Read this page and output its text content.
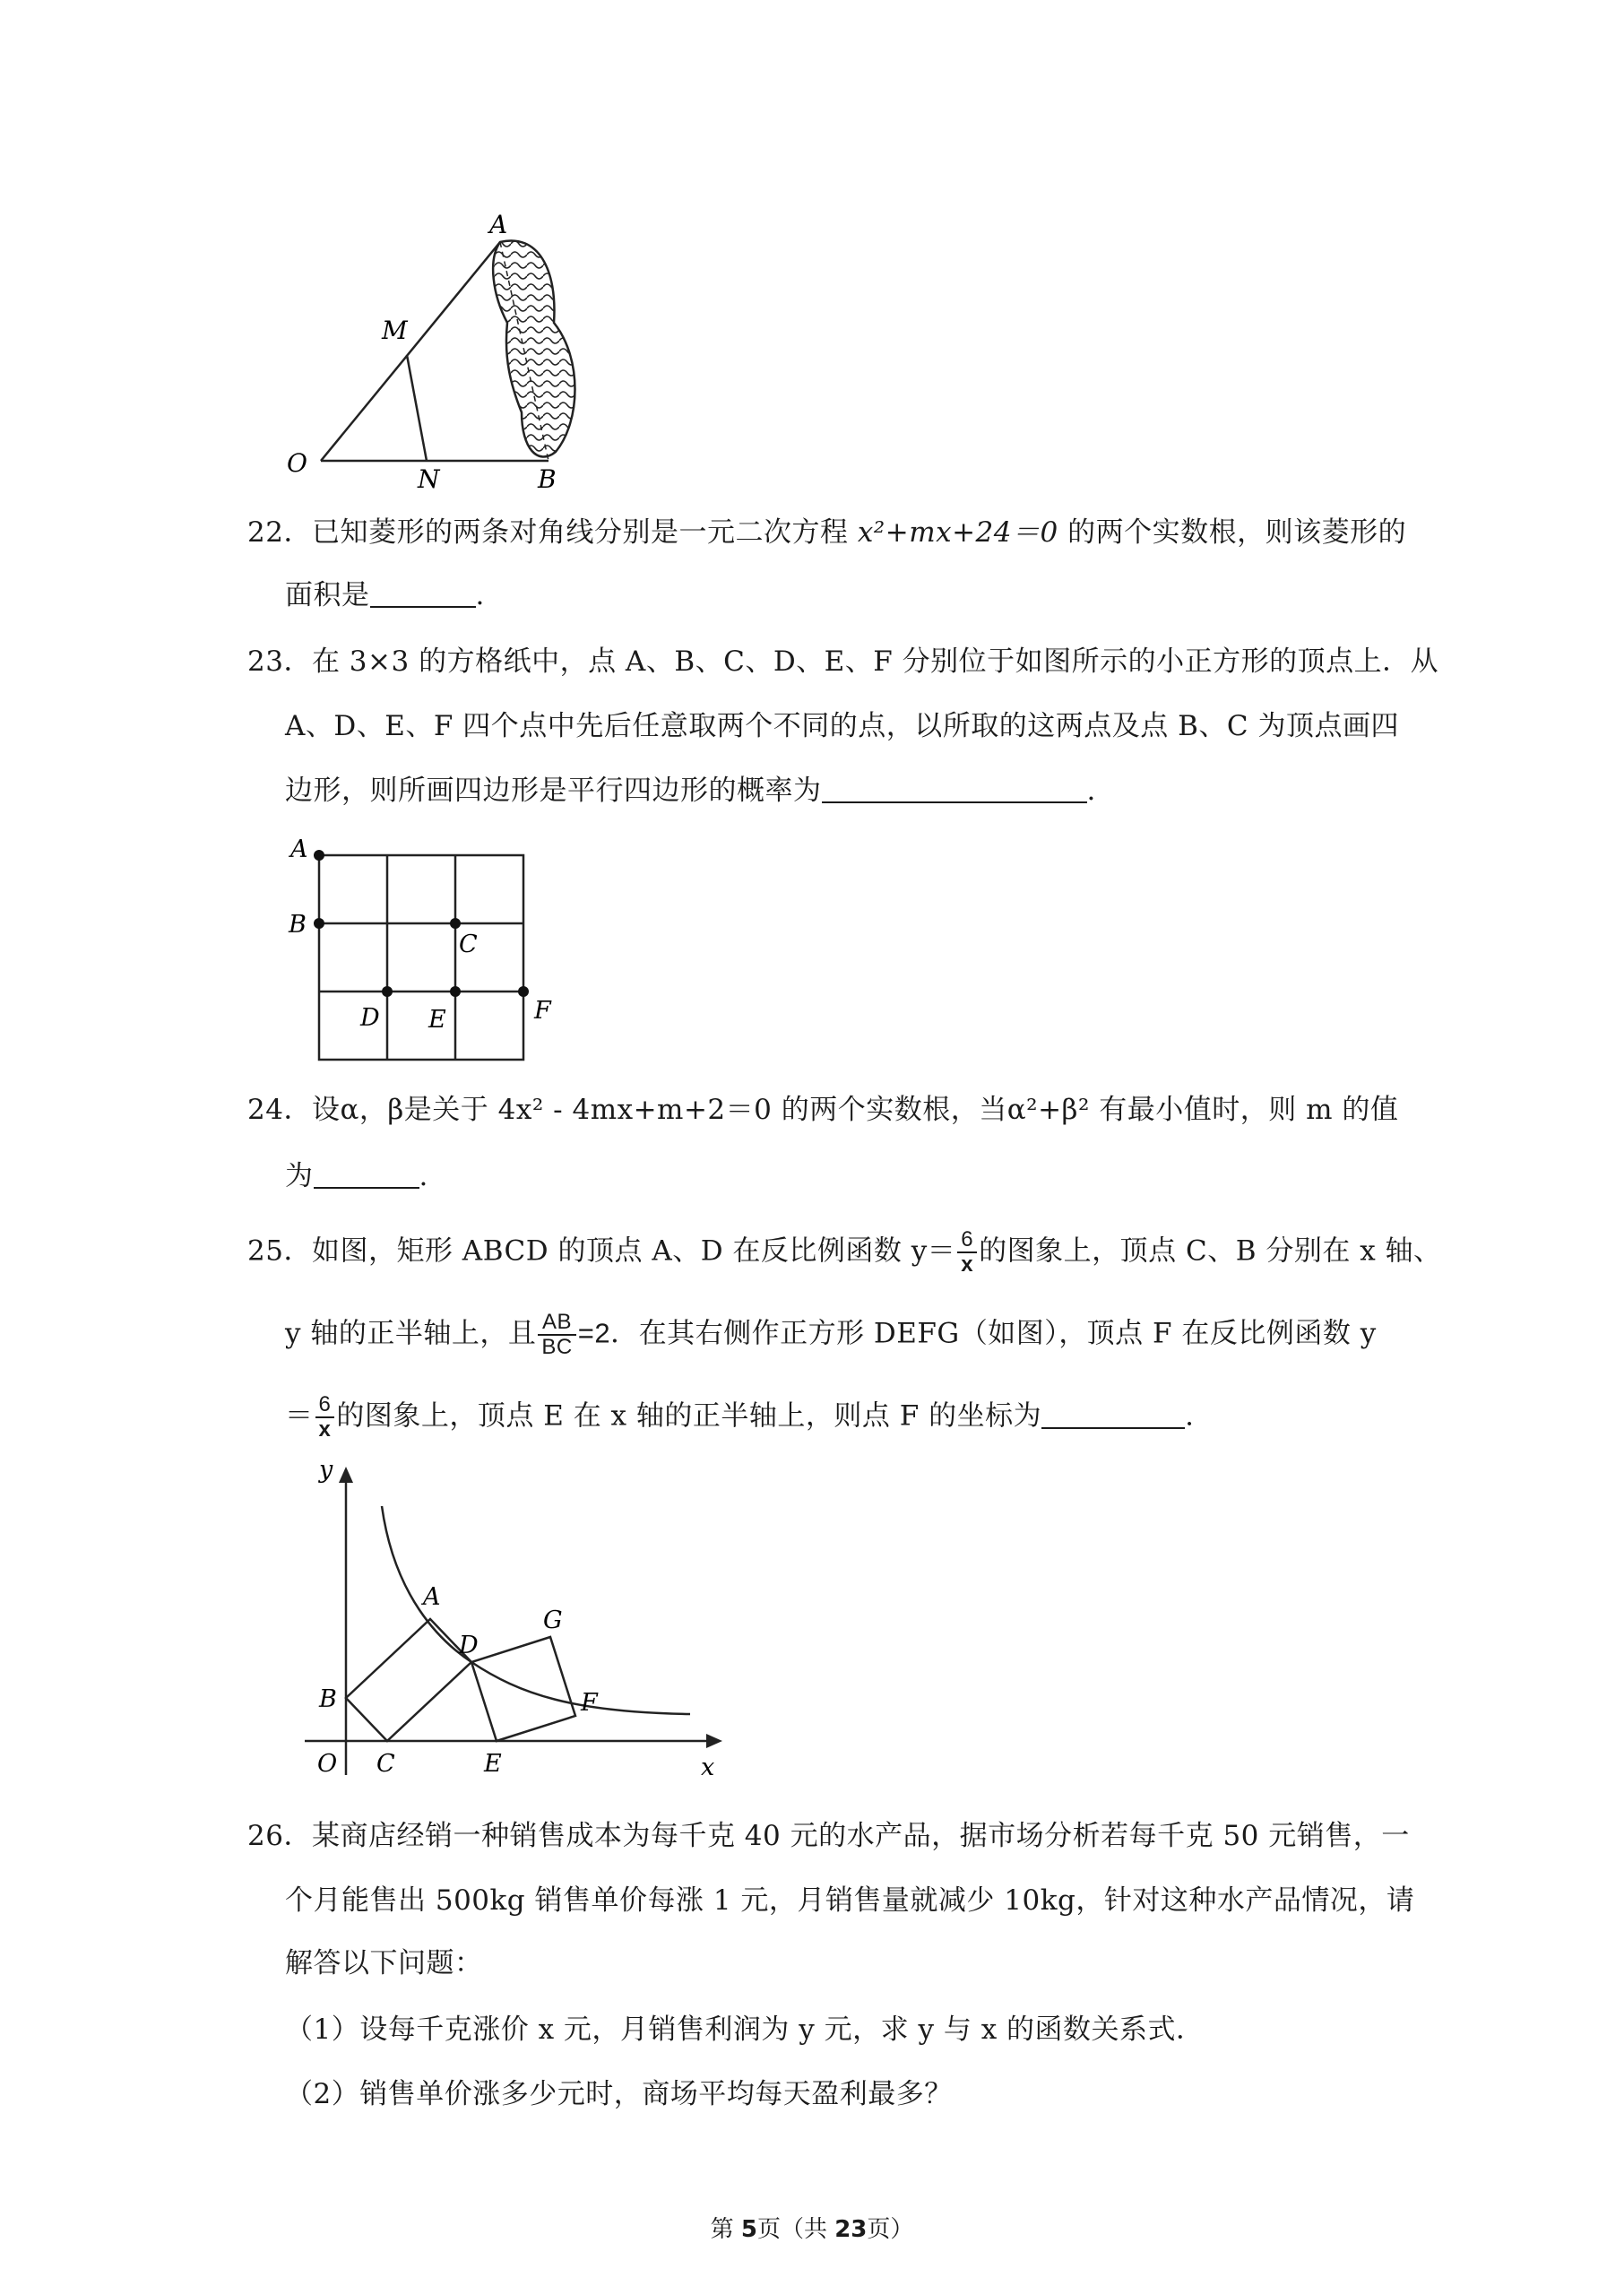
A
M
O
N	B
22．已知菱形的两条对角线分别是一元二次方程 x²+mx+24＝0 的两个实数根，则该菱形的
面积是	.
23．在 3×3 的方格纸中，点 A、B、C、D、E、F 分别位于如图所示的小正方形的顶点上．从
A、D、E、F 四个点中先后任意取两个不同的点，以所取的这两点及点 B、C 为顶点画四
边形，则所画四边形是平行四边形的概率为	.
A
B
C
D E	F
24．设α，β是关于 4x² ‑ 4mx+m+2＝0 的两个实数根，当α²+β² 有最小值时，则 m 的值
为	.
25．如图，矩形 ABCD 的顶点 A、D 在反比例函数 $y= \frac{6}{x}$ 的图象上，顶点 C、B 分别在 x 轴、
y 轴的正半轴上，且 $\frac{AB}{BC} =2$．在其右侧作正方形 DEFG（如图），顶点 F 在反比例函数 y
＝ $\frac{6}{x}$ 的图象上，顶点 E 在 x 轴的正半轴上，则点 F 的坐标为	.
y
x
O
A
B
C
D
E
F
G
26．某商店经销一种销售成本为每千克 40 元的水产品，据市场分析若每千克 50 元销售，一
个月能售出 500kg 销售单价每涨 1 元，月销售量就减少 10kg，针对这种水产品情况，请
解答以下问题：
（1）设每千克涨价 x 元，月销售利润为 y 元，求 y 与 x 的函数关系式．
（2）销售单价涨多少元时，商场平均每天盈利最多？
第 5页（共 23页）
